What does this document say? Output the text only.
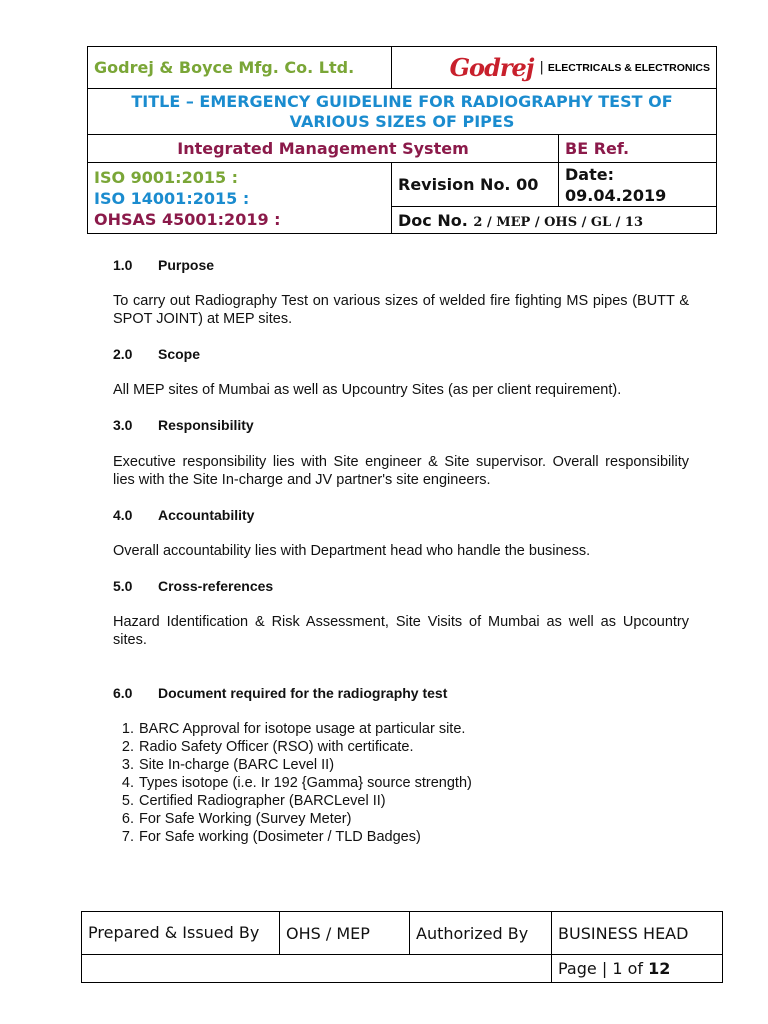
Godrej & Boyce Mfg. Co. Ltd.	Godrej | ELECTRICALS & ELECTRONICS	

TITLE – EMERGENCY GUIDELINE FOR RADIOGRAPHY TEST OF VARIOUS SIZES OF PIPES		
Integrated Management System		BE Ref.

ISO 9001:2015 :
ISO 14001:2015 :
OHSAS 45001:2019 :	Revision No. 00	Date: 09.04.2019
	Doc No. 2 / MEP / OHS / GL / 13	
1.0 Purpose
To carry out Radiography Test on various sizes of welded fire fighting MS pipes (BUTT & SPOT JOINT) at MEP sites.
2.0 Scope
All MEP sites of Mumbai as well as Upcountry Sites (as per client requirement).
3.0 Responsibility
Executive responsibility lies with Site engineer & Site supervisor. Overall responsibility lies with the Site In-charge and JV partner's site engineers.
4.0 Accountability
Overall accountability lies with Department head who handle the business.
5.0 Cross-references
Hazard Identification & Risk Assessment, Site Visits of Mumbai as well as Upcountry sites.
6.0 Document required for the radiography test
1. BARC Approval for isotope usage at particular site.
2. Radio Safety Officer (RSO) with certificate.
3. Site In-charge (BARC Level II)
4. Types isotope (i.e. Ir 192 {Gamma} source strength)
5. Certified Radiographer (BARCLevel II)
6. For Safe Working (Survey Meter)
7. For Safe working (Dosimeter / TLD Badges)
Prepared & Issued By	OHS / MEP	Authorized By	BUSINESS HEAD
			Page | 1 of 12
